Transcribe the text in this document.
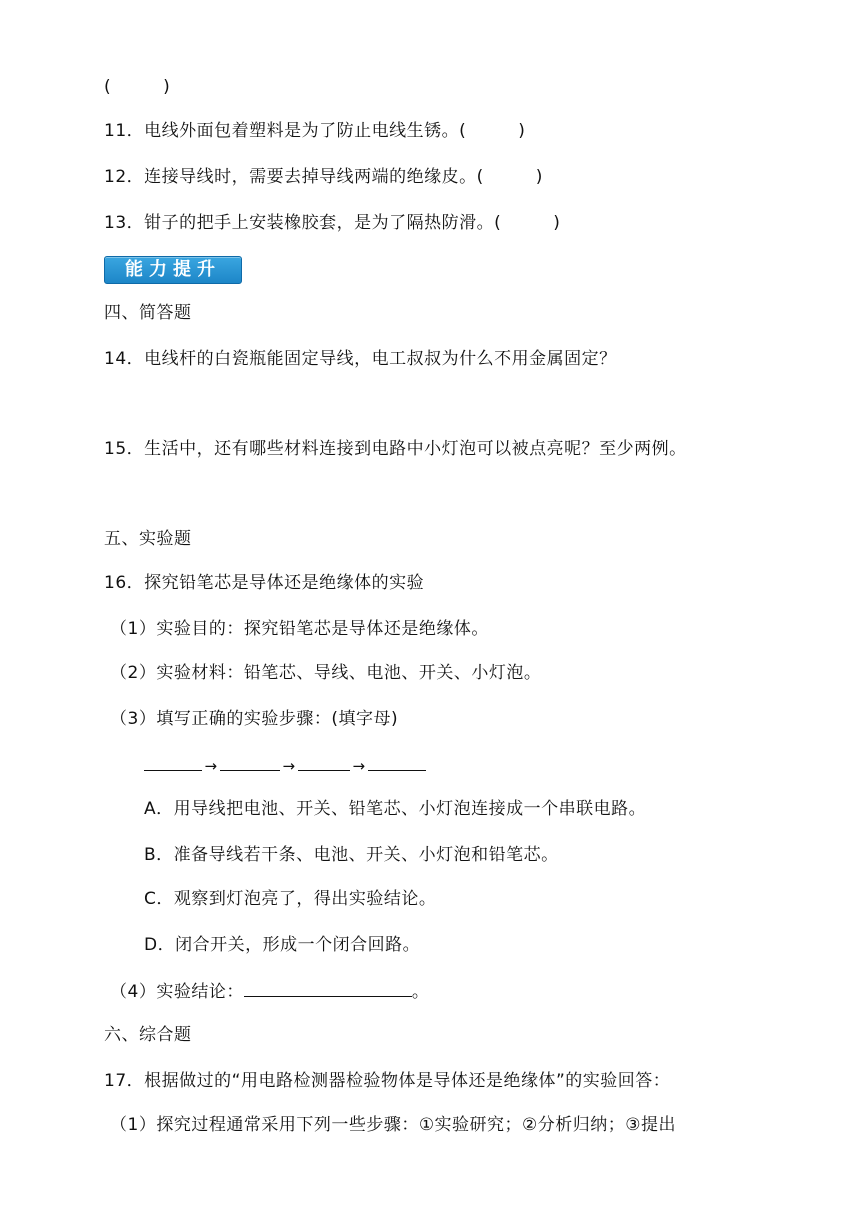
(	)
11．电线外面包着塑料是为了防止电线生锈。(	)
12．连接导线时，需要去掉导线两端的绝缘皮。(	)
13．钳子的把手上安装橡胶套，是为了隔热防滑。(	)
能力提升
四、简答题
14．电线杆的白瓷瓶能固定导线，电工叔叔为什么不用金属固定？
15．生活中，还有哪些材料连接到电路中小灯泡可以被点亮呢？至少两例。
五、实验题
16．探究铅笔芯是导体还是绝缘体的实验
（1）实验目的：探究铅笔芯是导体还是绝缘体。
（2）实验材料：铅笔芯、导线、电池、开关、小灯泡。
（3）填写正确的实验步骤：(填字母)
→	→	→
A．用导线把电池、开关、铅笔芯、小灯泡连接成一个串联电路。
B．准备导线若干条、电池、开关、小灯泡和铅笔芯。
C．观察到灯泡亮了，得出实验结论。
D．闭合开关，形成一个闭合回路。
（4）实验结论：	。
六、综合题
17．根据做过的“用电路检测器检验物体是导体还是绝缘体”的实验回答：
（1）探究过程通常采用下列一些步骤：①实验研究；②分析归纳；③提出
